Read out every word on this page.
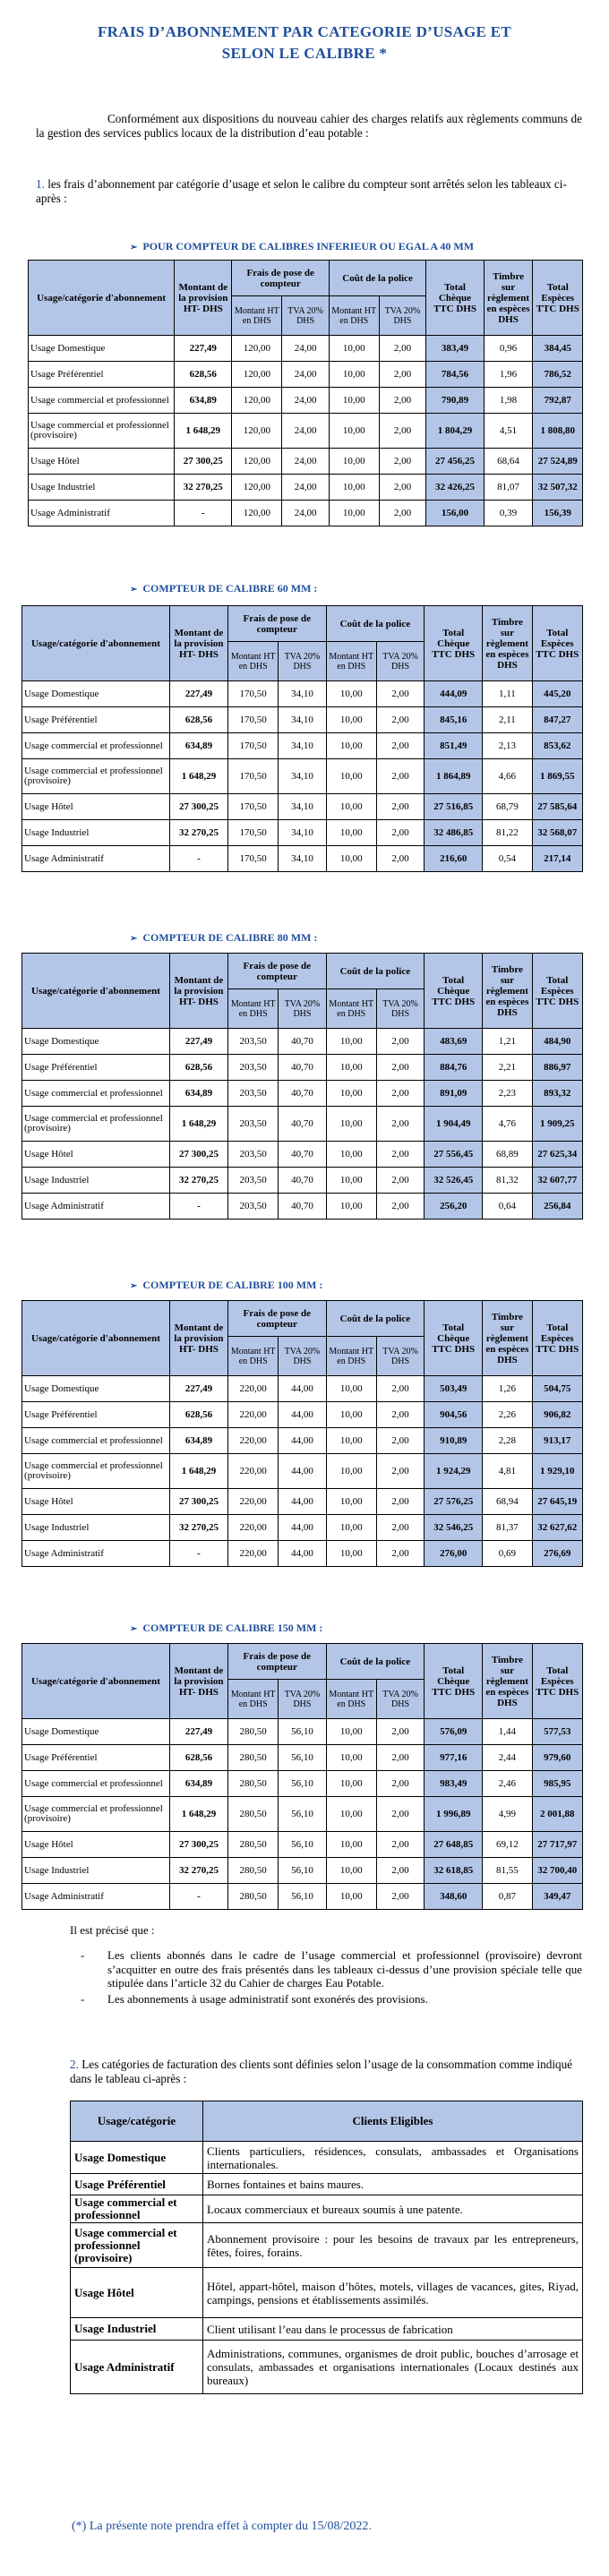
FRAIS D’ABONNEMENT PAR CATEGORIE D’USAGE ET
SELON LE CALIBRE *
Conformément aux dispositions du nouveau cahier des charges relatifs aux règlements communs de la gestion des services publics locaux de la distribution d’eau potable :
1. les frais d’abonnement par catégorie d’usage et selon le calibre du compteur sont arrêtés selon les tableaux ci-après :
➢ POUR COMPTEUR DE CALIBRES INFERIEUR OU EGAL A 40 MM
Usage/catégorie d'abonnement	Montant de la provision HT- DHS	Frais de pose de compteur		Coût de la police		Total Chèque TTC DHS	Timbre sur règlement en espèces DHS	Total Espèces TTC DHS
		Montant HT en DHS	TVA 20% DHS	Montant HT en DHS	TVA 20% DHS			
Usage Domestique	227,49	120,00	24,00	10,00	2,00	383,49	0,96	384,45
Usage Préférentiel	628,56	120,00	24,00	10,00	2,00	784,56	1,96	786,52
Usage commercial et professionnel	634,89	120,00	24,00	10,00	2,00	790,89	1,98	792,87
Usage commercial et professionnel (provisoire)	1 648,29	120,00	24,00	10,00	2,00	1 804,29	4,51	1 808,80
Usage Hôtel	27 300,25	120,00	24,00	10,00	2,00	27 456,25	68,64	27 524,89
Usage Industriel	32 270,25	120,00	24,00	10,00	2,00	32 426,25	81,07	32 507,32
Usage Administratif	-	120,00	24,00	10,00	2,00	156,00	0,39	156,39
➢ COMPTEUR DE CALIBRE 60 MM :
Usage/catégorie d'abonnement	Montant de la provision HT- DHS	Frais de pose de compteur		Coût de la police		Total Chèque TTC DHS	Timbre sur règlement en espèces DHS	Total Espèces TTC DHS
		Montant HT en DHS	TVA 20% DHS	Montant HT en DHS	TVA 20% DHS			
Usage Domestique	227,49	170,50	34,10	10,00	2,00	444,09	1,11	445,20
Usage Préférentiel	628,56	170,50	34,10	10,00	2,00	845,16	2,11	847,27
Usage commercial et professionnel	634,89	170,50	34,10	10,00	2,00	851,49	2,13	853,62
Usage commercial et professionnel (provisoire)	1 648,29	170,50	34,10	10,00	2,00	1 864,89	4,66	1 869,55
Usage Hôtel	27 300,25	170,50	34,10	10,00	2,00	27 516,85	68,79	27 585,64
Usage Industriel	32 270,25	170,50	34,10	10,00	2,00	32 486,85	81,22	32 568,07
Usage Administratif	-	170,50	34,10	10,00	2,00	216,60	0,54	217,14
➢ COMPTEUR DE CALIBRE 80 MM :
Usage/catégorie d'abonnement	Montant de la provision HT- DHS	Frais de pose de compteur		Coût de la police		Total Chèque TTC DHS	Timbre sur règlement en espèces DHS	Total Espèces TTC DHS
		Montant HT en DHS	TVA 20% DHS	Montant HT en DHS	TVA 20% DHS			
Usage Domestique	227,49	203,50	40,70	10,00	2,00	483,69	1,21	484,90
Usage Préférentiel	628,56	203,50	40,70	10,00	2,00	884,76	2,21	886,97
Usage commercial et professionnel	634,89	203,50	40,70	10,00	2,00	891,09	2,23	893,32
Usage commercial et professionnel (provisoire)	1 648,29	203,50	40,70	10,00	2,00	1 904,49	4,76	1 909,25
Usage Hôtel	27 300,25	203,50	40,70	10,00	2,00	27 556,45	68,89	27 625,34
Usage Industriel	32 270,25	203,50	40,70	10,00	2,00	32 526,45	81,32	32 607,77
Usage Administratif	-	203,50	40,70	10,00	2,00	256,20	0,64	256,84
➢ COMPTEUR DE CALIBRE 100 MM :
Usage/catégorie d'abonnement	Montant de la provision HT- DHS	Frais de pose de compteur		Coût de la police		Total Chèque TTC DHS	Timbre sur règlement en espèces DHS	Total Espèces TTC DHS
		Montant HT en DHS	TVA 20% DHS	Montant HT en DHS	TVA 20% DHS			
Usage Domestique	227,49	220,00	44,00	10,00	2,00	503,49	1,26	504,75
Usage Préférentiel	628,56	220,00	44,00	10,00	2,00	904,56	2,26	906,82
Usage commercial et professionnel	634,89	220,00	44,00	10,00	2,00	910,89	2,28	913,17
Usage commercial et professionnel (provisoire)	1 648,29	220,00	44,00	10,00	2,00	1 924,29	4,81	1 929,10
Usage Hôtel	27 300,25	220,00	44,00	10,00	2,00	27 576,25	68,94	27 645,19
Usage Industriel	32 270,25	220,00	44,00	10,00	2,00	32 546,25	81,37	32 627,62
Usage Administratif	-	220,00	44,00	10,00	2,00	276,00	0,69	276,69
➢ COMPTEUR DE CALIBRE 150 MM :
Usage/catégorie d'abonnement	Montant de la provision HT- DHS	Frais de pose de compteur		Coût de la police		Total Chèque TTC DHS	Timbre sur règlement en espèces DHS	Total Espèces TTC DHS
		Montant HT en DHS	TVA 20% DHS	Montant HT en DHS	TVA 20% DHS			
Usage Domestique	227,49	280,50	56,10	10,00	2,00	576,09	1,44	577,53
Usage Préférentiel	628,56	280,50	56,10	10,00	2,00	977,16	2,44	979,60
Usage commercial et professionnel	634,89	280,50	56,10	10,00	2,00	983,49	2,46	985,95
Usage commercial et professionnel (provisoire)	1 648,29	280,50	56,10	10,00	2,00	1 996,89	4,99	2 001,88
Usage Hôtel	27 300,25	280,50	56,10	10,00	2,00	27 648,85	69,12	27 717,97
Usage Industriel	32 270,25	280,50	56,10	10,00	2,00	32 618,85	81,55	32 700,40
Usage Administratif	-	280,50	56,10	10,00	2,00	348,60	0,87	349,47
Il est précisé que :
- Les clients abonnés dans le cadre de l’usage commercial et professionnel (provisoire) devront s’acquitter en outre des frais présentés dans les tableaux ci-dessus d’une provision spéciale telle que stipulée dans l’article 32 du Cahier de charges Eau Potable.
- Les abonnements à usage administratif sont exonérés des provisions.
2. Les catégories de facturation des clients sont définies selon l’usage de la consommation comme indiqué dans le tableau ci-après :
Usage/catégorie	Clients Eligibles
Usage Domestique	Clients particuliers, résidences, consulats, ambassades et Organisations internationales.
Usage Préférentiel	Bornes fontaines et bains maures.
Usage commercial et professionnel	Locaux commerciaux et bureaux soumis à une patente.
Usage commercial et professionnel (provisoire)	Abonnement provisoire : pour les besoins de travaux par les entrepreneurs, fêtes, foires, forains.
Usage Hôtel	Hôtel, appart-hôtel, maison d’hôtes, motels, villages de vacances, gites, Riyad, campings, pensions et établissements assimilés.
Usage Industriel	Client utilisant l’eau dans le processus de fabrication
Usage Administratif	Administrations, communes, organismes de droit public, bouches d’arrosage et consulats, ambassades et organisations internationales (Locaux destinés aux bureaux)
(*) La présente note prendra effet à compter du 15/08/2022.
